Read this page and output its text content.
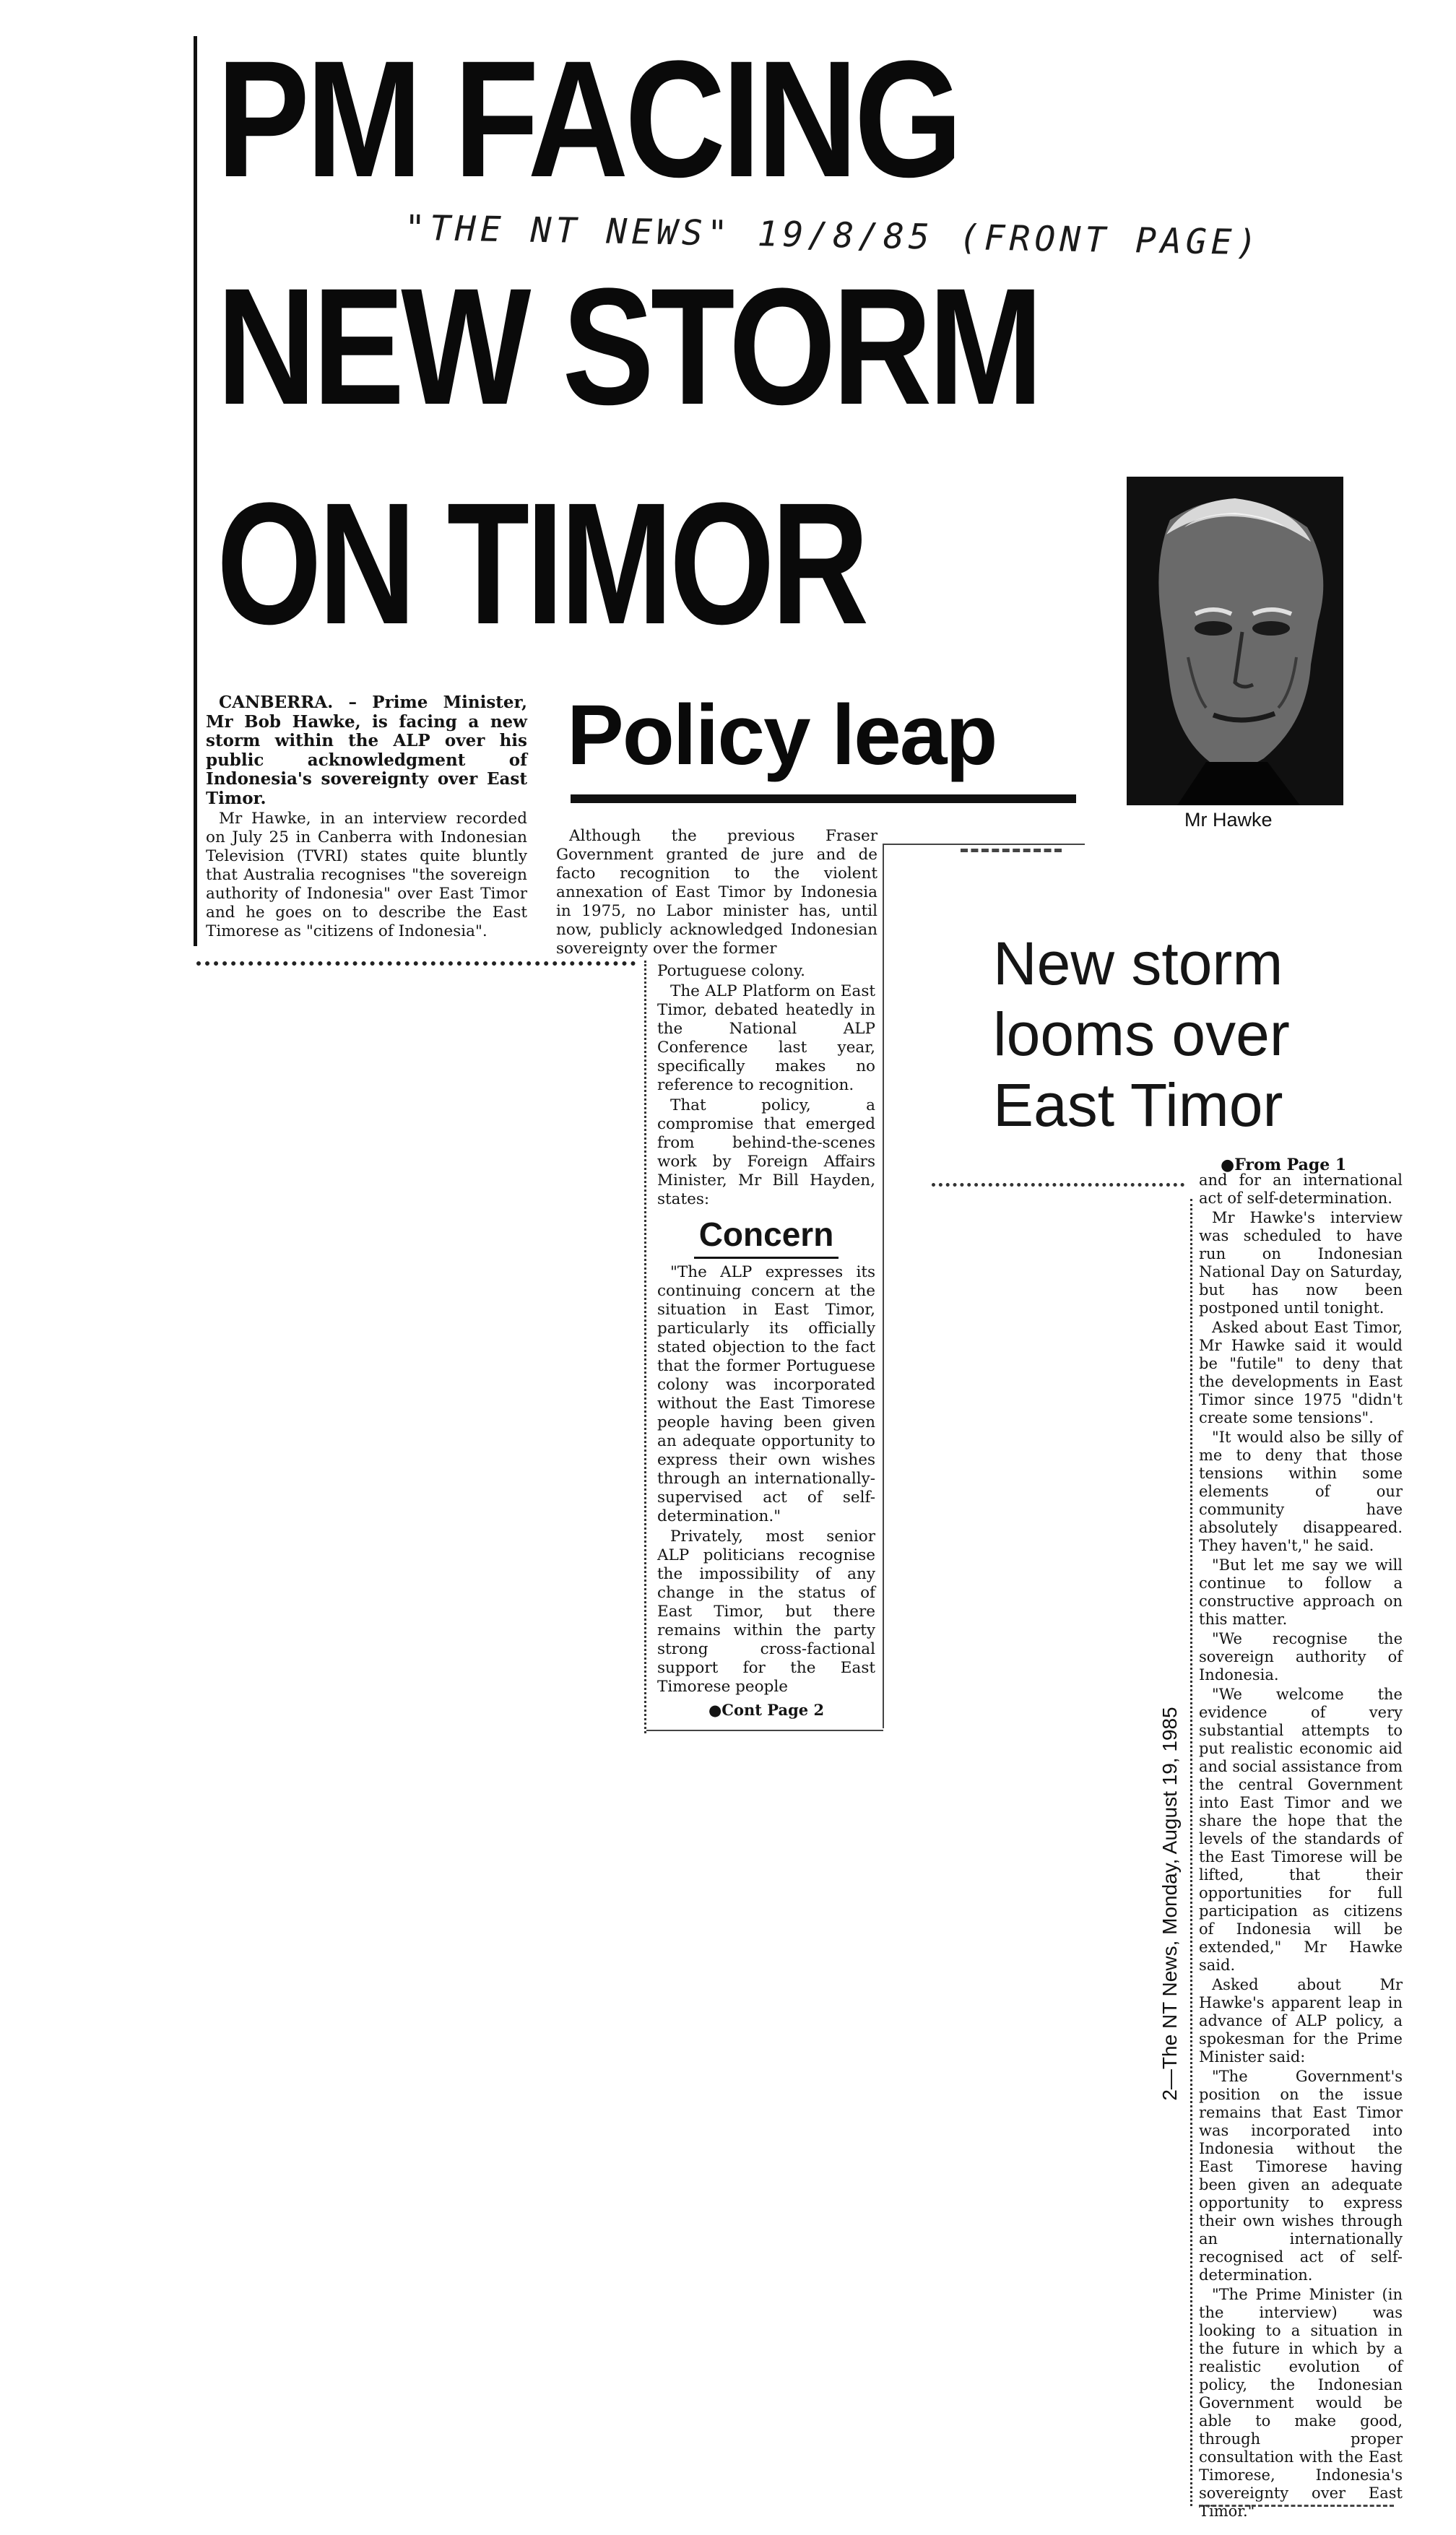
PM FACING
"THE NT NEWS" 19/8/85 (FRONT PAGE)
NEW STORM
ON TIMOR
Mr Hawke
Policy leap

CANBERRA. – Prime Minister, Mr Bob Hawke, is facing a new storm within the ALP over his public acknowledgment of Indonesia's sovereignty over East Timor.

Mr Hawke, in an interview recorded on July 25 in Canberra with Indonesian Television (TVRI) states quite bluntly that Australia recognises "the sovereign authority of Indonesia" over East Timor and he goes on to describe the East Timorese as "citizens of Indonesia".

Although the previous Fraser Government granted de jure and de facto recognition to the violent annexation of East Timor by Indonesia in 1975, no Labor minister has, until now, publicly acknowledged Indonesian sovereignty over the former

Portuguese colony.

The ALP Platform on East Timor, debated heatedly in the National ALP Conference last year, specifically makes no reference to recognition.

That policy, a compromise that emerged from behind-the-scenes work by Foreign Affairs Minister, Mr Bill Hayden, states:

Concern

"The ALP expresses its continuing concern at the situation in East Timor, particularly its officially stated objection to the fact that the former Portuguese colony was incorporated without the East Timorese people having been given an adequate opportunity to express their own wishes through an internationally-supervised act of self-determination."

Privately, most senior ALP politicians recognise the impossibility of any change in the status of East Timor, but there remains within the party strong cross-factional support for the East Timorese people

●Cont Page 2
New storm
looms over
East Timor
●From Page 1
2—The NT News, Monday, August 19, 1985

and for an international act of self-determination.

Mr Hawke's interview was scheduled to have run on Indonesian National Day on Saturday, but has now been postponed until tonight.

Asked about East Timor, Mr Hawke said it would be "futile" to deny that the developments in East Timor since 1975 "didn't create some tensions".

"It would also be silly of me to deny that those tensions within some elements of our community have absolutely disappeared. They haven't," he said.

"But let me say we will continue to follow a constructive approach on this matter.

"We recognise the sovereign authority of Indonesia.

"We welcome the evidence of very substantial attempts to put realistic economic aid and social assistance from the central Government into East Timor and we share the hope that the levels of the standards of the East Timorese will be lifted, that their opportunities for full participation as citizens of Indonesia will be extended," Mr Hawke said.

Asked about Mr Hawke's apparent leap in advance of ALP policy, a spokesman for the Prime Minister said:

"The Government's position on the issue remains that East Timor was incorporated into Indonesia without the East Timorese having been given an adequate opportunity to express their own wishes through an internationally recognised act of self-determination.

"The Prime Minister (in the interview) was looking to a situation in the future in which by a realistic evolution of policy, the Indonesian Government would be able to make good, through proper consultation with the East Timorese, Indonesia's sovereignty over East Timor."
